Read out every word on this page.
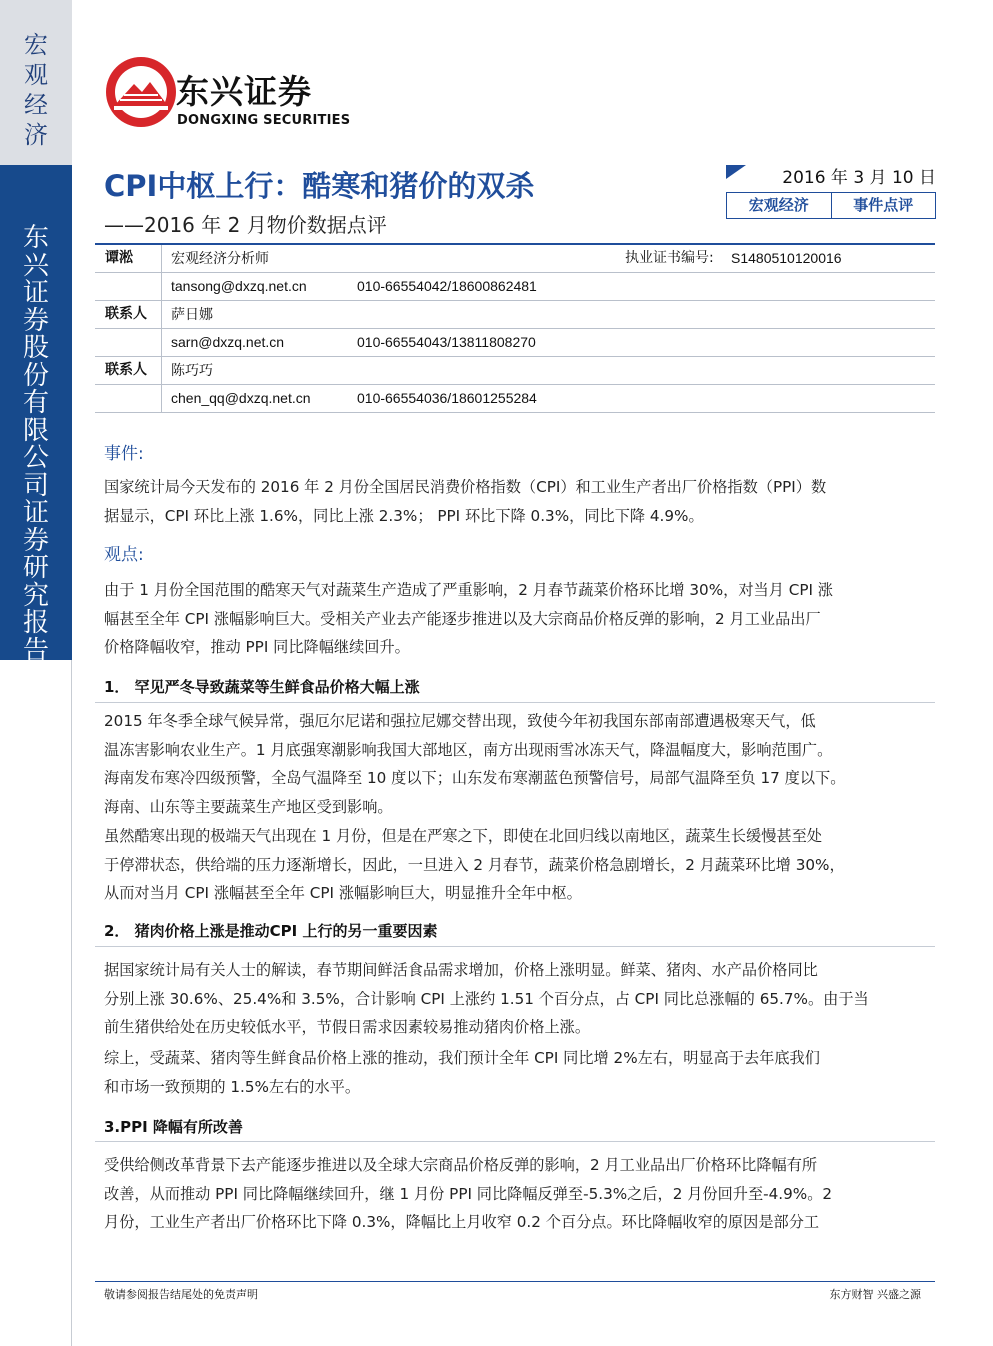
宏观经济
东兴证券股份有限公司证券研究报告
东兴证券
DONGXING SECURITIES
CPI中枢上行：酷寒和猪价的双杀
——2016 年 2 月物价数据点评
2016 年 3 月 10 日
宏观经济	事件点评
谭淞	宏观经济分析师	执业证书编号: S1480510120016
tansong@dxzq.net.cn	010-66554042/18600862481
联系人 萨日娜
sarn@dxzq.net.cn	010-66554043/13811808270
联系人 陈巧巧
chen_qq@dxzq.net.cn	010-66554036/18601255284
事件:
国家统计局今天发布的 2016 年 2 月份全国居民消费价格指数（CPI）和工业生产者出厂价格指数（PPI）数
据显示，CPI 环比上涨 1.6%，同比上涨 2.3%； PPI 环比下降 0.3%，同比下降 4.9%。
观点:
由于 1 月份全国范围的酷寒天气对蔬菜生产造成了严重影响，2 月春节蔬菜价格环比增 30%，对当月 CPI 涨
幅甚至全年 CPI 涨幅影响巨大。受相关产业去产能逐步推进以及大宗商品价格反弹的影响，2 月工业品出厂
价格降幅收窄，推动 PPI 同比降幅继续回升。
1． 罕见严冬导致蔬菜等生鲜食品价格大幅上涨
2015 年冬季全球气候异常，强厄尔尼诺和强拉尼娜交替出现，致使今年初我国东部南部遭遇极寒天气，低
温冻害影响农业生产。1 月底强寒潮影响我国大部地区，南方出现雨雪冰冻天气，降温幅度大，影响范围广。
海南发布寒冷四级预警，全岛气温降至 10 度以下；山东发布寒潮蓝色预警信号，局部气温降至负 17 度以下。
海南、山东等主要蔬菜生产地区受到影响。
虽然酷寒出现的极端天气出现在 1 月份，但是在严寒之下，即使在北回归线以南地区，蔬菜生长缓慢甚至处
于停滞状态，供给端的压力逐渐增长，因此，一旦进入 2 月春节，蔬菜价格急剧增长，2 月蔬菜环比增 30%，
从而对当月 CPI 涨幅甚至全年 CPI 涨幅影响巨大，明显推升全年中枢。
2． 猪肉价格上涨是推动CPI 上行的另一重要因素
据国家统计局有关人士的解读，春节期间鲜活食品需求增加，价格上涨明显。鲜菜、猪肉、水产品价格同比
分别上涨 30.6%、25.4%和 3.5%，合计影响 CPI 上涨约 1.51 个百分点，占 CPI 同比总涨幅的 65.7%。由于当
前生猪供给处在历史较低水平，节假日需求因素较易推动猪肉价格上涨。
综上，受蔬菜、猪肉等生鲜食品价格上涨的推动，我们预计全年 CPI 同比增 2%左右，明显高于去年底我们
和市场一致预期的 1.5%左右的水平。
3.PPI 降幅有所改善
受供给侧改革背景下去产能逐步推进以及全球大宗商品价格反弹的影响，2 月工业品出厂价格环比降幅有所
改善，从而推动 PPI 同比降幅继续回升，继 1 月份 PPI 同比降幅反弹至-5.3%之后，2 月份回升至-4.9%。2
月份，工业生产者出厂价格环比下降 0.3%，降幅比上月收窄 0.2 个百分点。环比降幅收窄的原因是部分工
敬请参阅报告结尾处的免责声明	东方财智 兴盛之源
